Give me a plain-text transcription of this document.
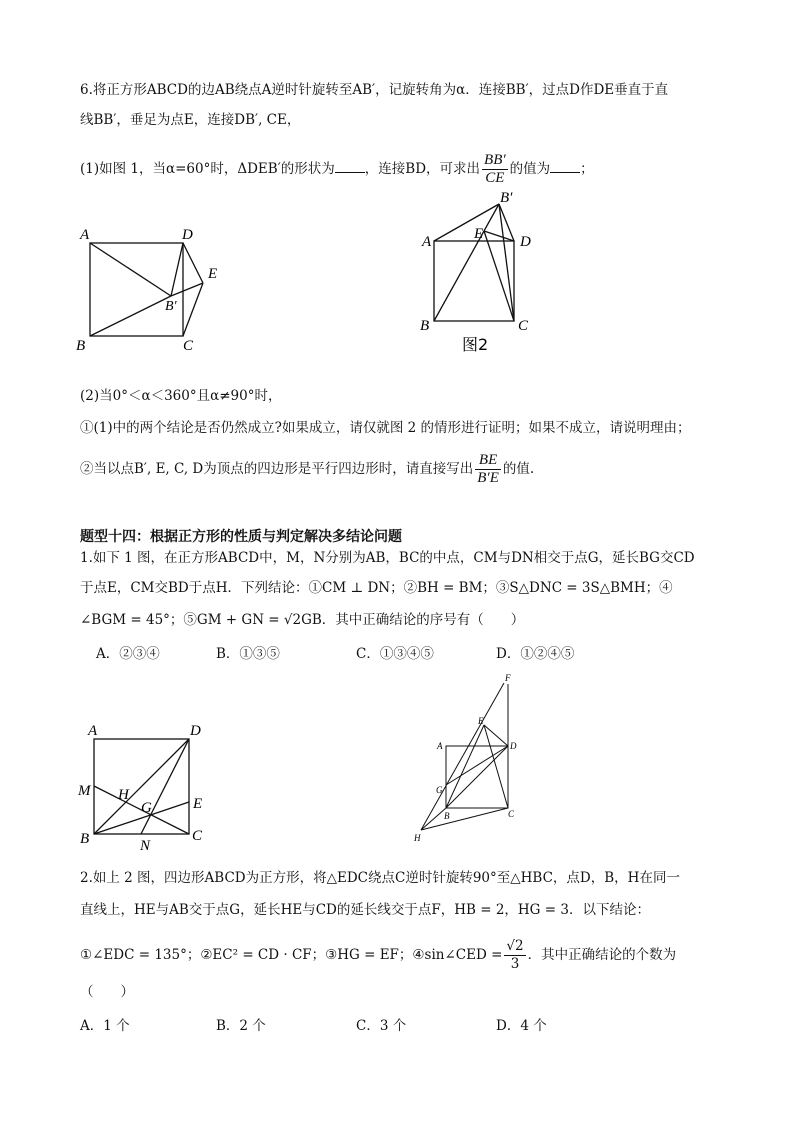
6.将正方形ABCD的边AB绕点A逆时针旋转至AB′，记旋转角为α．连接BB′，过点D作DE垂直于直
线BB′，垂足为点E，连接DB′, CE，
(1)如图 1，当α=60°时，ΔDEB′的形状为 ，连接BD，可求出 $\frac{BB'}{CE}$ 的值为 ；
A	D
E
B′
B	C
B′
A	E D
B	C
图2
(2)当0°＜α＜360°且α≠90°时，
①(1)中的两个结论是否仍然成立?如果成立，请仅就图 2 的情形进行证明；如果不成立，请说明理由；
②当以点B′, E, C, D为顶点的四边形是平行四边形时，请直接写出 $\frac{BE}{B'E}$ 的值.
题型十四：根据正方形的性质与判定解决多结论问题
1.如下 1 图，在正方形ABCD中，M，N分别为AB，BC的中点，CM与DN相交于点G，延长BG交CD
于点E，CM交BD于点H．下列结论：①CM ⊥ DN；②BH = BM；③S△DNC = 3S△BMH；④
∠BGM = 45°；⑤GM + GN = √2GB．其中正确结论的序号有（　　）
A．②③④	B．①③⑤	C．①③④⑤	D．①②④⑤
A	D
M H
G	E
B	N
C
F
E
A	D
G
B	C
H
2.如上 2 图，四边形ABCD为正方形，将△EDC绕点C逆时针旋转90°至△HBC，点D，B，H在同一
直线上，HE与AB交于点G，延长HE与CD的延长线交于点F，HB = 2，HG = 3．以下结论：
①∠EDC = 135°；②EC² = CD · CF；③HG = EF；④sin∠CED = $\frac{√2}{3}$ ．其中正确结论的个数为
（　　）
A．1 个	B．2 个	C．3 个	D．4 个
